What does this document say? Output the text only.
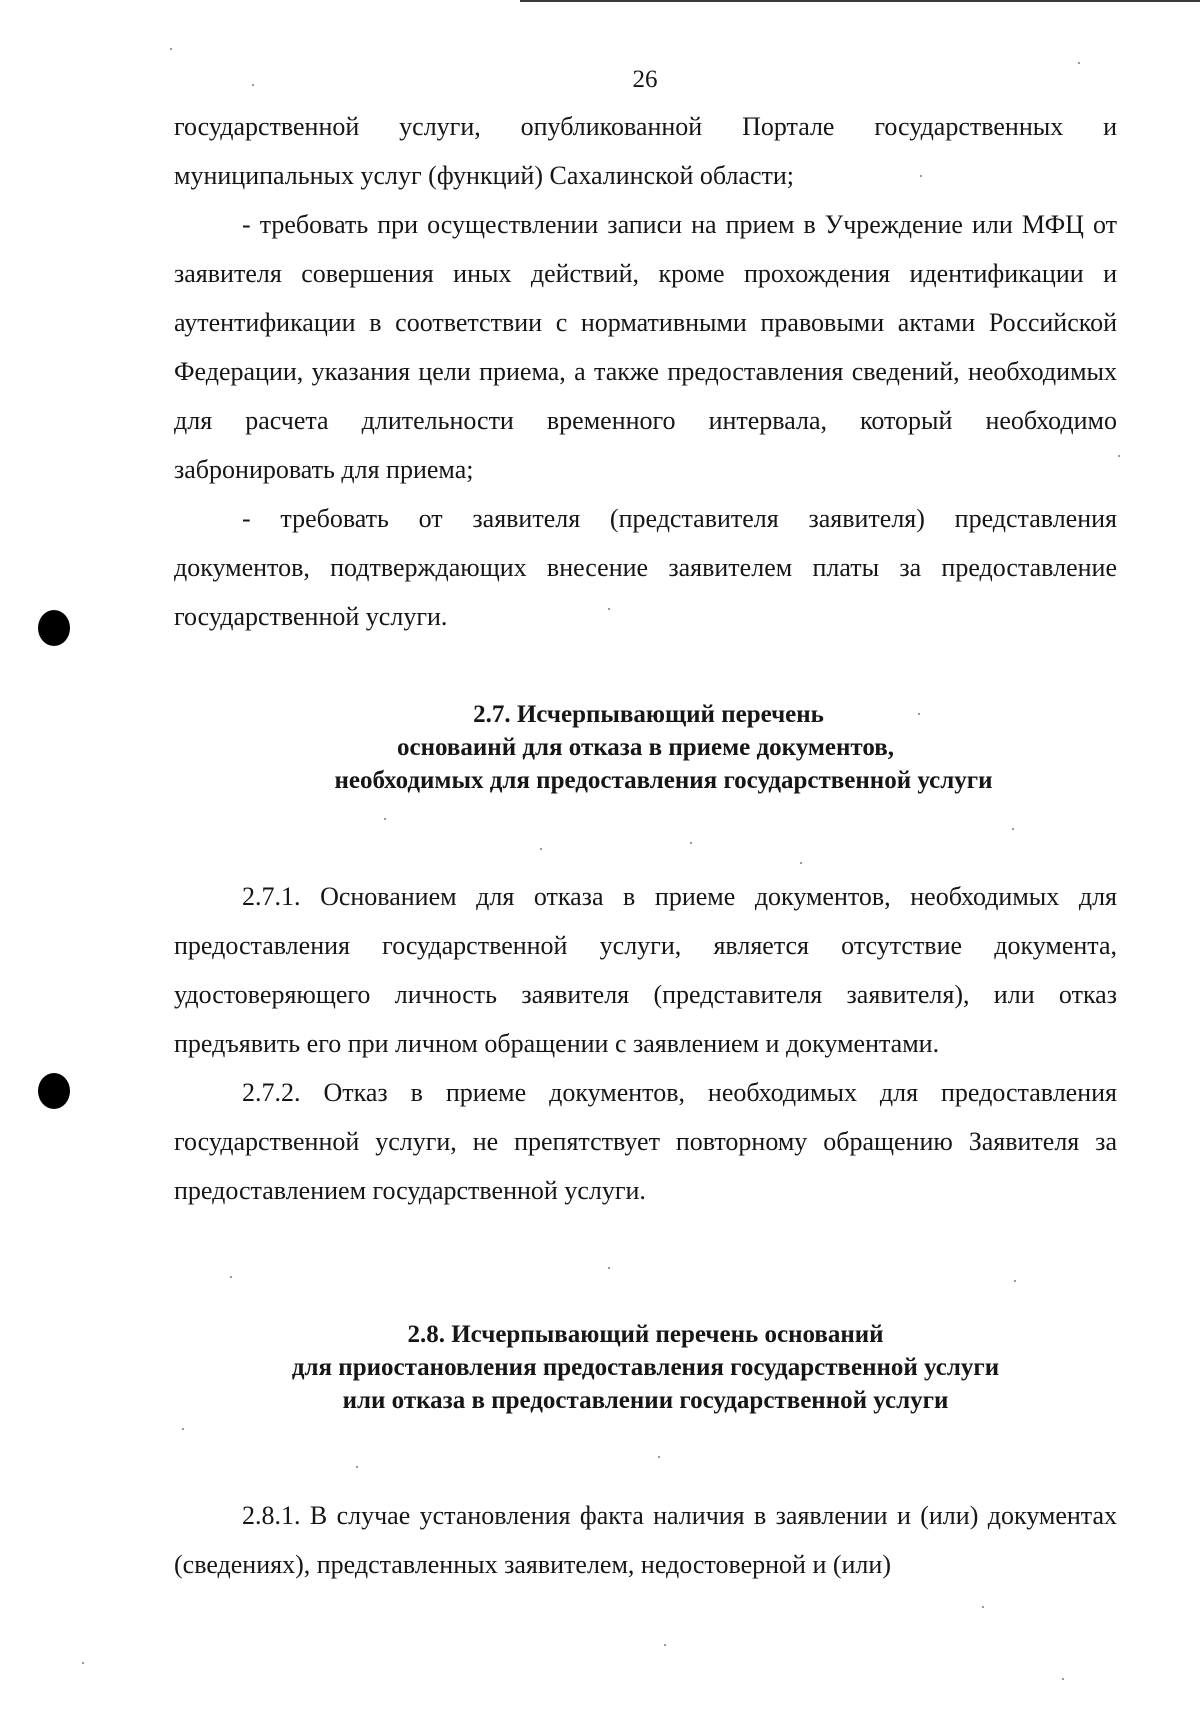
26

государственной услуги, опубликованной Порталe государственных и муниципальных услуг (функций) Сахалинской области;

- требовать при осуществлении записи на прием в Учреждение или МФЦ от заявителя совершения иных действий, кроме прохождения идентификации и аутентификации в соответствии с нормативными правовыми актами Российской Федерации, указания цели приема, а также предоставления сведений, необходимых для расчета длительности временного интервала, который необходимо забронировать для приема;

- требовать от заявителя (представителя заявителя) представления документов, подтверждающих внесение заявителем платы за предоставление государственной услуги.

2.7. Исчерпывающий перечень
основаинй для отказа в приеме документов,
необходимых для предоставления государственной услуги

2.7.1. Основанием для отказа в приеме документов, необходимых для предоставления государственной услуги, является отсутствие документа, удостоверяющего личность заявителя (представителя заявителя), или отказ предъявить его при личном обращении с заявлением и документами.

2.7.2. Отказ в приеме документов, необходимых для предоставления государственной услуги, не препятствует повторному обращению Заявителя за предоставлением государственной услуги.

2.8. Исчерпывающий перечень оснований
для приостановления предоставления государственной услуги
или отказа в предоставлении государственной услуги

2.8.1. В случае установления факта наличия в заявлении и (или) документах (сведениях), представленных заявителем, недостоверной и (или)
